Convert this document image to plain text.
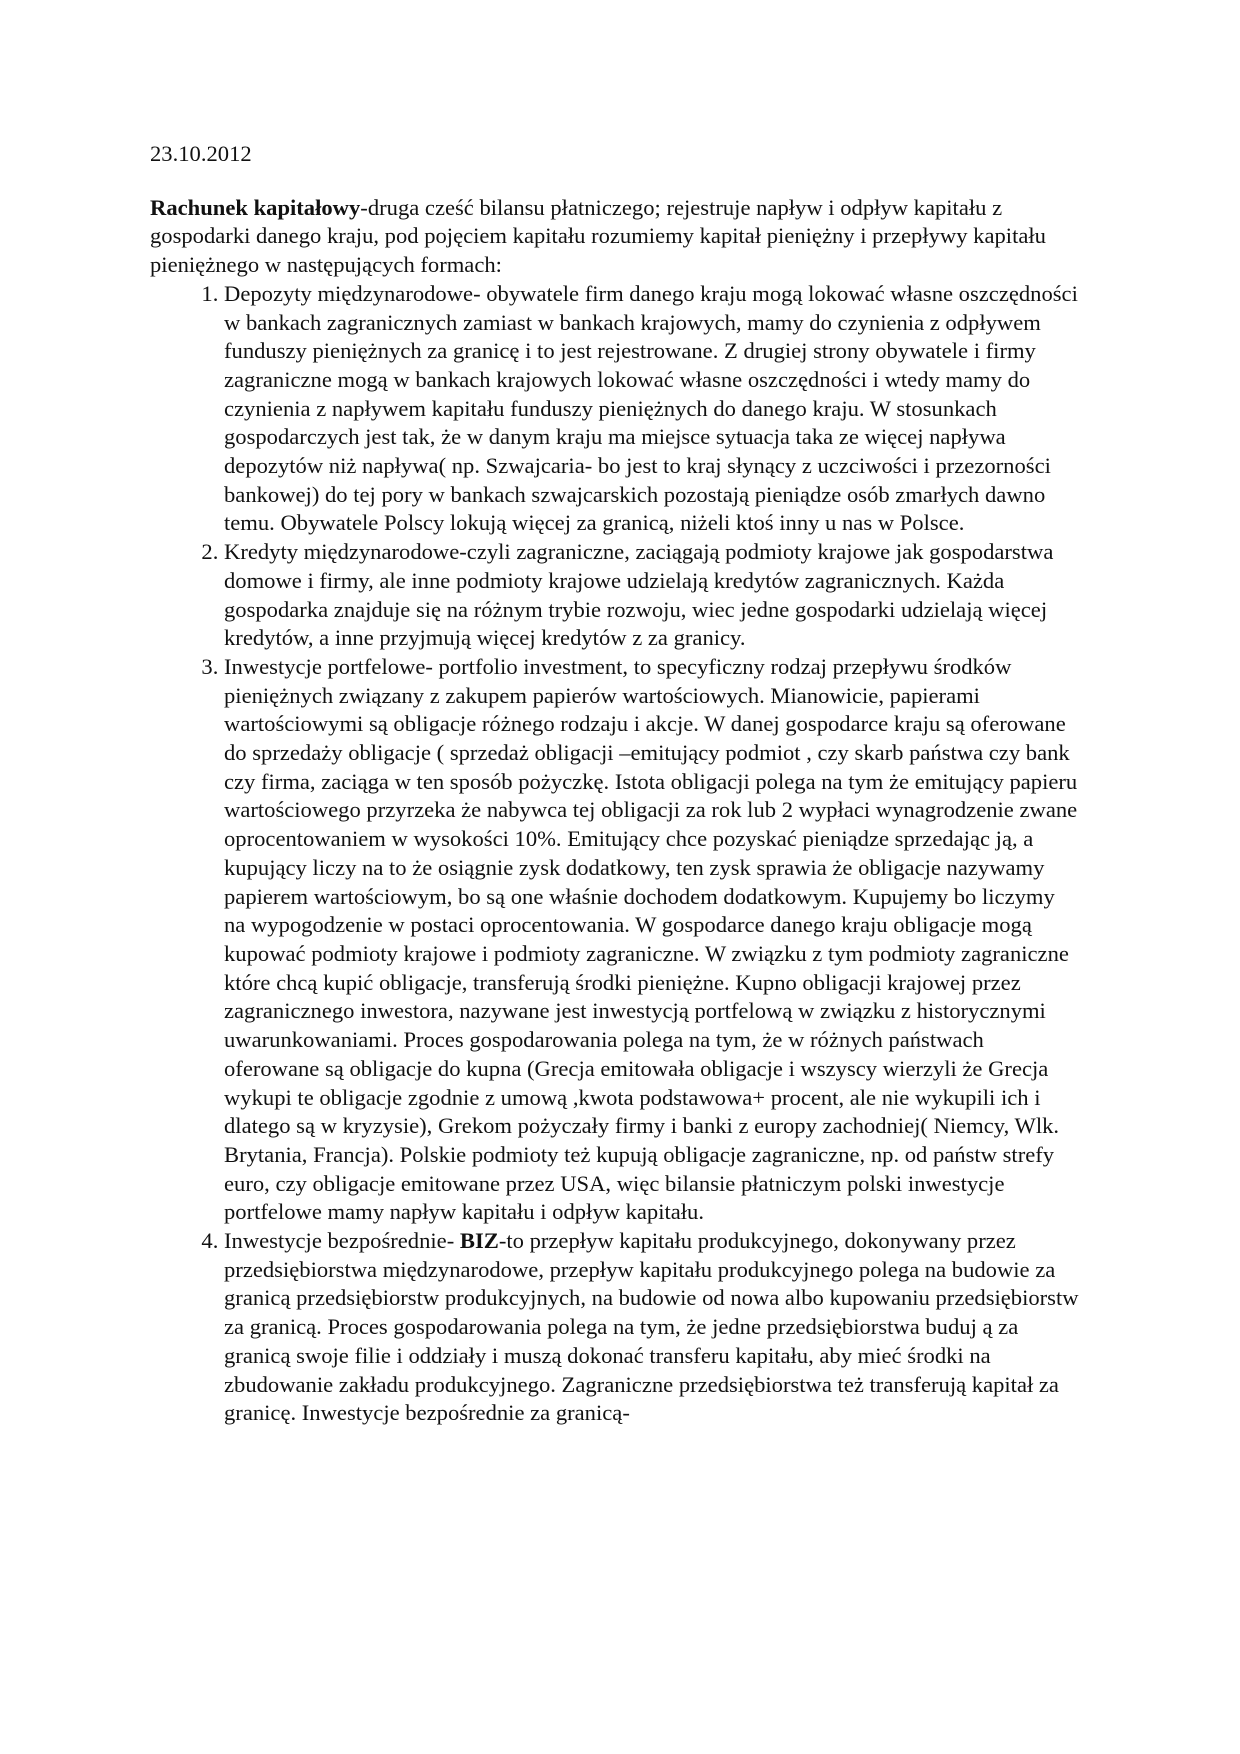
23.10.2012

Rachunek kapitałowy-druga cześć bilansu płatniczego; rejestruje napływ i odpływ kapitału z gospodarki danego kraju, pod pojęciem kapitału rozumiemy kapitał pieniężny i przepływy kapitału pieniężnego w następujących formach:

1. Depozyty międzynarodowe- obywatele firm danego kraju mogą lokować własne oszczędności w bankach zagranicznych zamiast w bankach krajowych, mamy do czynienia z odpływem funduszy pieniężnych za granicę i to jest rejestrowane. Z drugiej strony obywatele i firmy zagraniczne mogą w bankach krajowych lokować własne oszczędności i wtedy mamy do czynienia z napływem kapitału funduszy pieniężnych do danego kraju. W stosunkach gospodarczych jest tak, że w danym kraju ma miejsce sytuacja taka ze więcej napływa depozytów niż napływa( np. Szwajcaria- bo jest to kraj słynący z uczciwości i przezorności bankowej) do tej pory w bankach szwajcarskich pozostają pieniądze osób zmarłych dawno temu. Obywatele Polscy lokują więcej za granicą, niżeli ktoś inny u nas w Polsce.
2. Kredyty międzynarodowe-czyli zagraniczne, zaciągają podmioty krajowe jak gospodarstwa domowe i firmy, ale inne podmioty krajowe udzielają kredytów zagranicznych. Każda gospodarka znajduje się na różnym trybie rozwoju, wiec jedne gospodarki udzielają więcej kredytów, a inne przyjmują więcej kredytów z za granicy.
3. Inwestycje portfelowe- portfolio investment, to specyficzny rodzaj przepływu środków pieniężnych związany z zakupem papierów wartościowych. Mianowicie, papierami wartościowymi są obligacje różnego rodzaju i akcje. W danej gospodarce kraju są oferowane do sprzedaży obligacje ( sprzedaż obligacji –emitujący podmiot , czy skarb państwa czy bank czy firma, zaciąga w ten sposób pożyczkę. Istota obligacji polega na tym że emitujący papieru wartościowego przyrzeka że nabywca tej obligacji za rok lub 2 wypłaci wynagrodzenie zwane oprocentowaniem w wysokości 10%. Emitujący chce pozyskać pieniądze sprzedając ją, a kupujący liczy na to że osiągnie zysk dodatkowy, ten zysk sprawia że obligacje nazywamy papierem wartościowym, bo są one właśnie dochodem dodatkowym. Kupujemy bo liczymy na wypogodzenie w postaci oprocentowania. W gospodarce danego kraju obligacje mogą kupować podmioty krajowe i podmioty zagraniczne. W związku z tym podmioty zagraniczne które chcą kupić obligacje, transferują środki pieniężne. Kupno obligacji krajowej przez zagranicznego inwestora, nazywane jest inwestycją portfelową w związku z historycznymi uwarunkowaniami. Proces gospodarowania polega na tym, że w różnych państwach oferowane są obligacje do kupna (Grecja emitowała obligacje i wszyscy wierzyli że Grecja wykupi te obligacje zgodnie z umową ,kwota podstawowa+ procent, ale nie wykupili ich i dlatego są w kryzysie), Grekom pożyczały firmy i banki z europy zachodniej( Niemcy, Wlk. Brytania, Francja). Polskie podmioty też kupują obligacje zagraniczne, np. od państw strefy euro, czy obligacje emitowane przez USA, więc bilansie płatniczym polski inwestycje portfelowe mamy napływ kapitału i odpływ kapitału.
4. Inwestycje bezpośrednie- BIZ-to przepływ kapitału produkcyjnego, dokonywany przez przedsiębiorstwa międzynarodowe, przepływ kapitału produkcyjnego polega na budowie za granicą przedsiębiorstw produkcyjnych, na budowie od nowa albo kupowaniu przedsiębiorstw za granicą. Proces gospodarowania polega na tym, że jedne przedsiębiorstwa buduj ą za granicą swoje filie i oddziały i muszą dokonać transferu kapitału, aby mieć środki na zbudowanie zakładu produkcyjnego. Zagraniczne przedsiębiorstwa też transferują kapitał za granicę. Inwestycje bezpośrednie za granicą-
